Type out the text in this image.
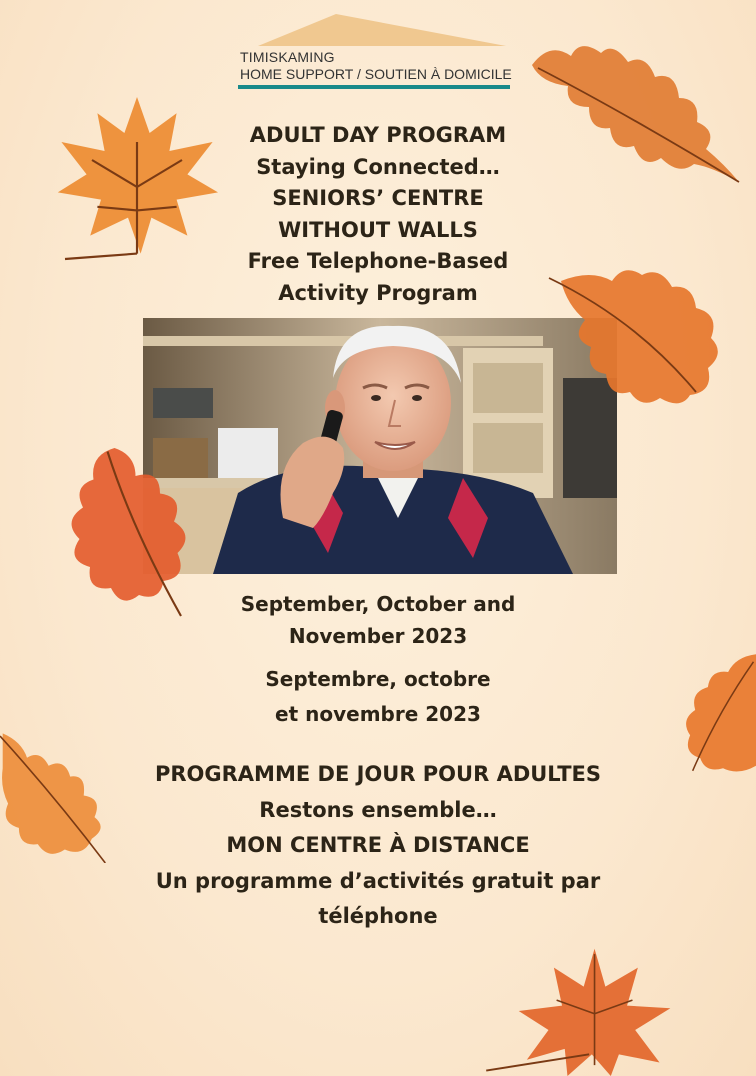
TIMISKAMING
HOME SUPPORT / SOUTIEN À DOMICILE
ADULT DAY PROGRAM
Staying Connected…
SENIORS’ CENTRE
WITHOUT WALLS
Free Telephone-Based
Activity Program
September, October and
November 2023
Septembre, octobre
et novembre 2023
PROGRAMME DE JOUR POUR ADULTES
Restons ensemble…
MON CENTRE À DISTANCE
Un programme d’activités gratuit par
téléphone
